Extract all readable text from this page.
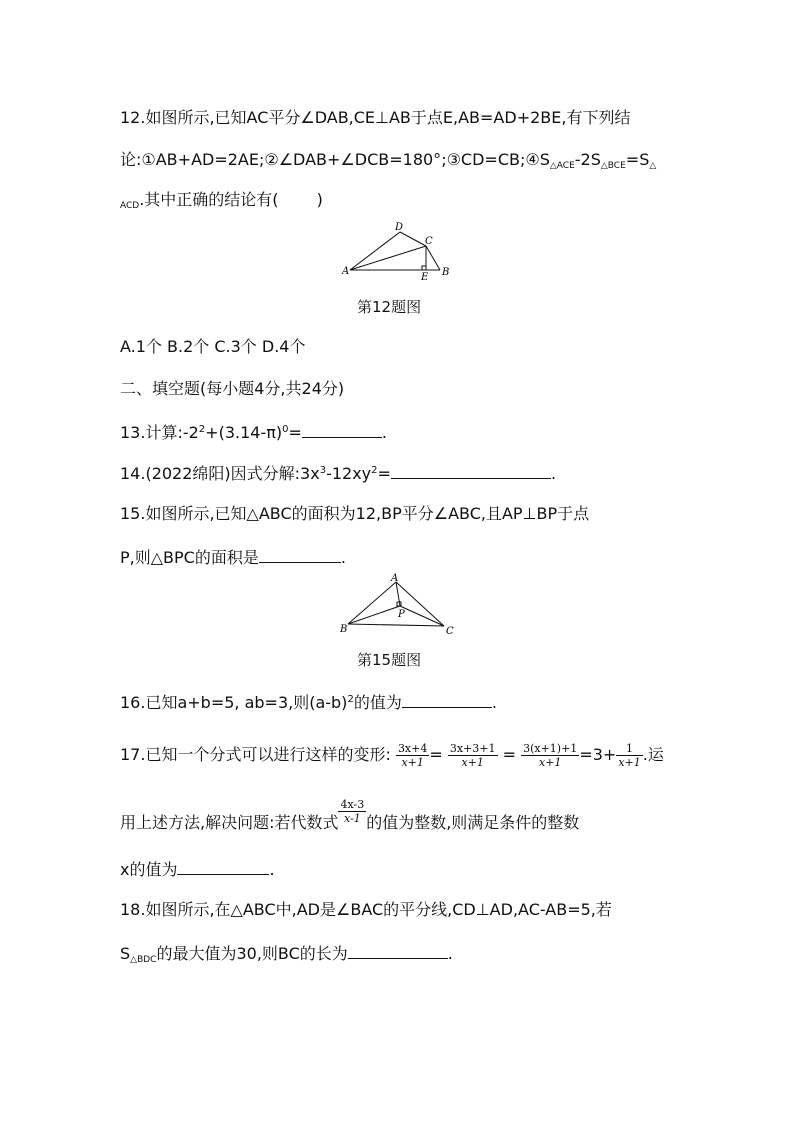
12.如图所示,已知AC平分∠DAB,CE⊥AB于点E,AB=AD+2BE,有下列结
论:①AB+AD=2AE;②∠DAB+∠DCB=180°;③CD=CB;④S△ACE-2S△BCE=S△
ACD.其中正确的结论有( )
A	B
C
D
E
第12题图
A.1个 B.2个 C.3个 D.4个
二、填空题(每小题4分,共24分)
13.计算$:-2^2+(3.14-\pi)^0=$	.
14.(2022绵阳)因式分解$:3x^3-12xy^2=$	.
15.如图所示,已知△ABC的面积为12,BP平分∠ABC,且AP⊥BP于点
P,则△BPC的面积是	.
A
B	C
P
第15题图
16.已知a+b=5, ab=3,则$(a-b)^2$的值为	.
17.已知一个分式可以进行这样的变形: $\frac{3x+4}{x+1} = \frac{3x+3+1}{x+1} = \frac{3(x+1)+1}{x+1} =3+ \frac{1}{x+1}$ .运
用上述方法,解决问题:若代数式 $\frac{4x-3}{x-1}$ 的值为整数,则满足条件的整数
x的值为	.
18.如图所示,在△ABC中,AD是∠BAC的平分线,CD⊥AD,AC-AB=5,若
S△BDC的最大值为30,则BC的长为	.
